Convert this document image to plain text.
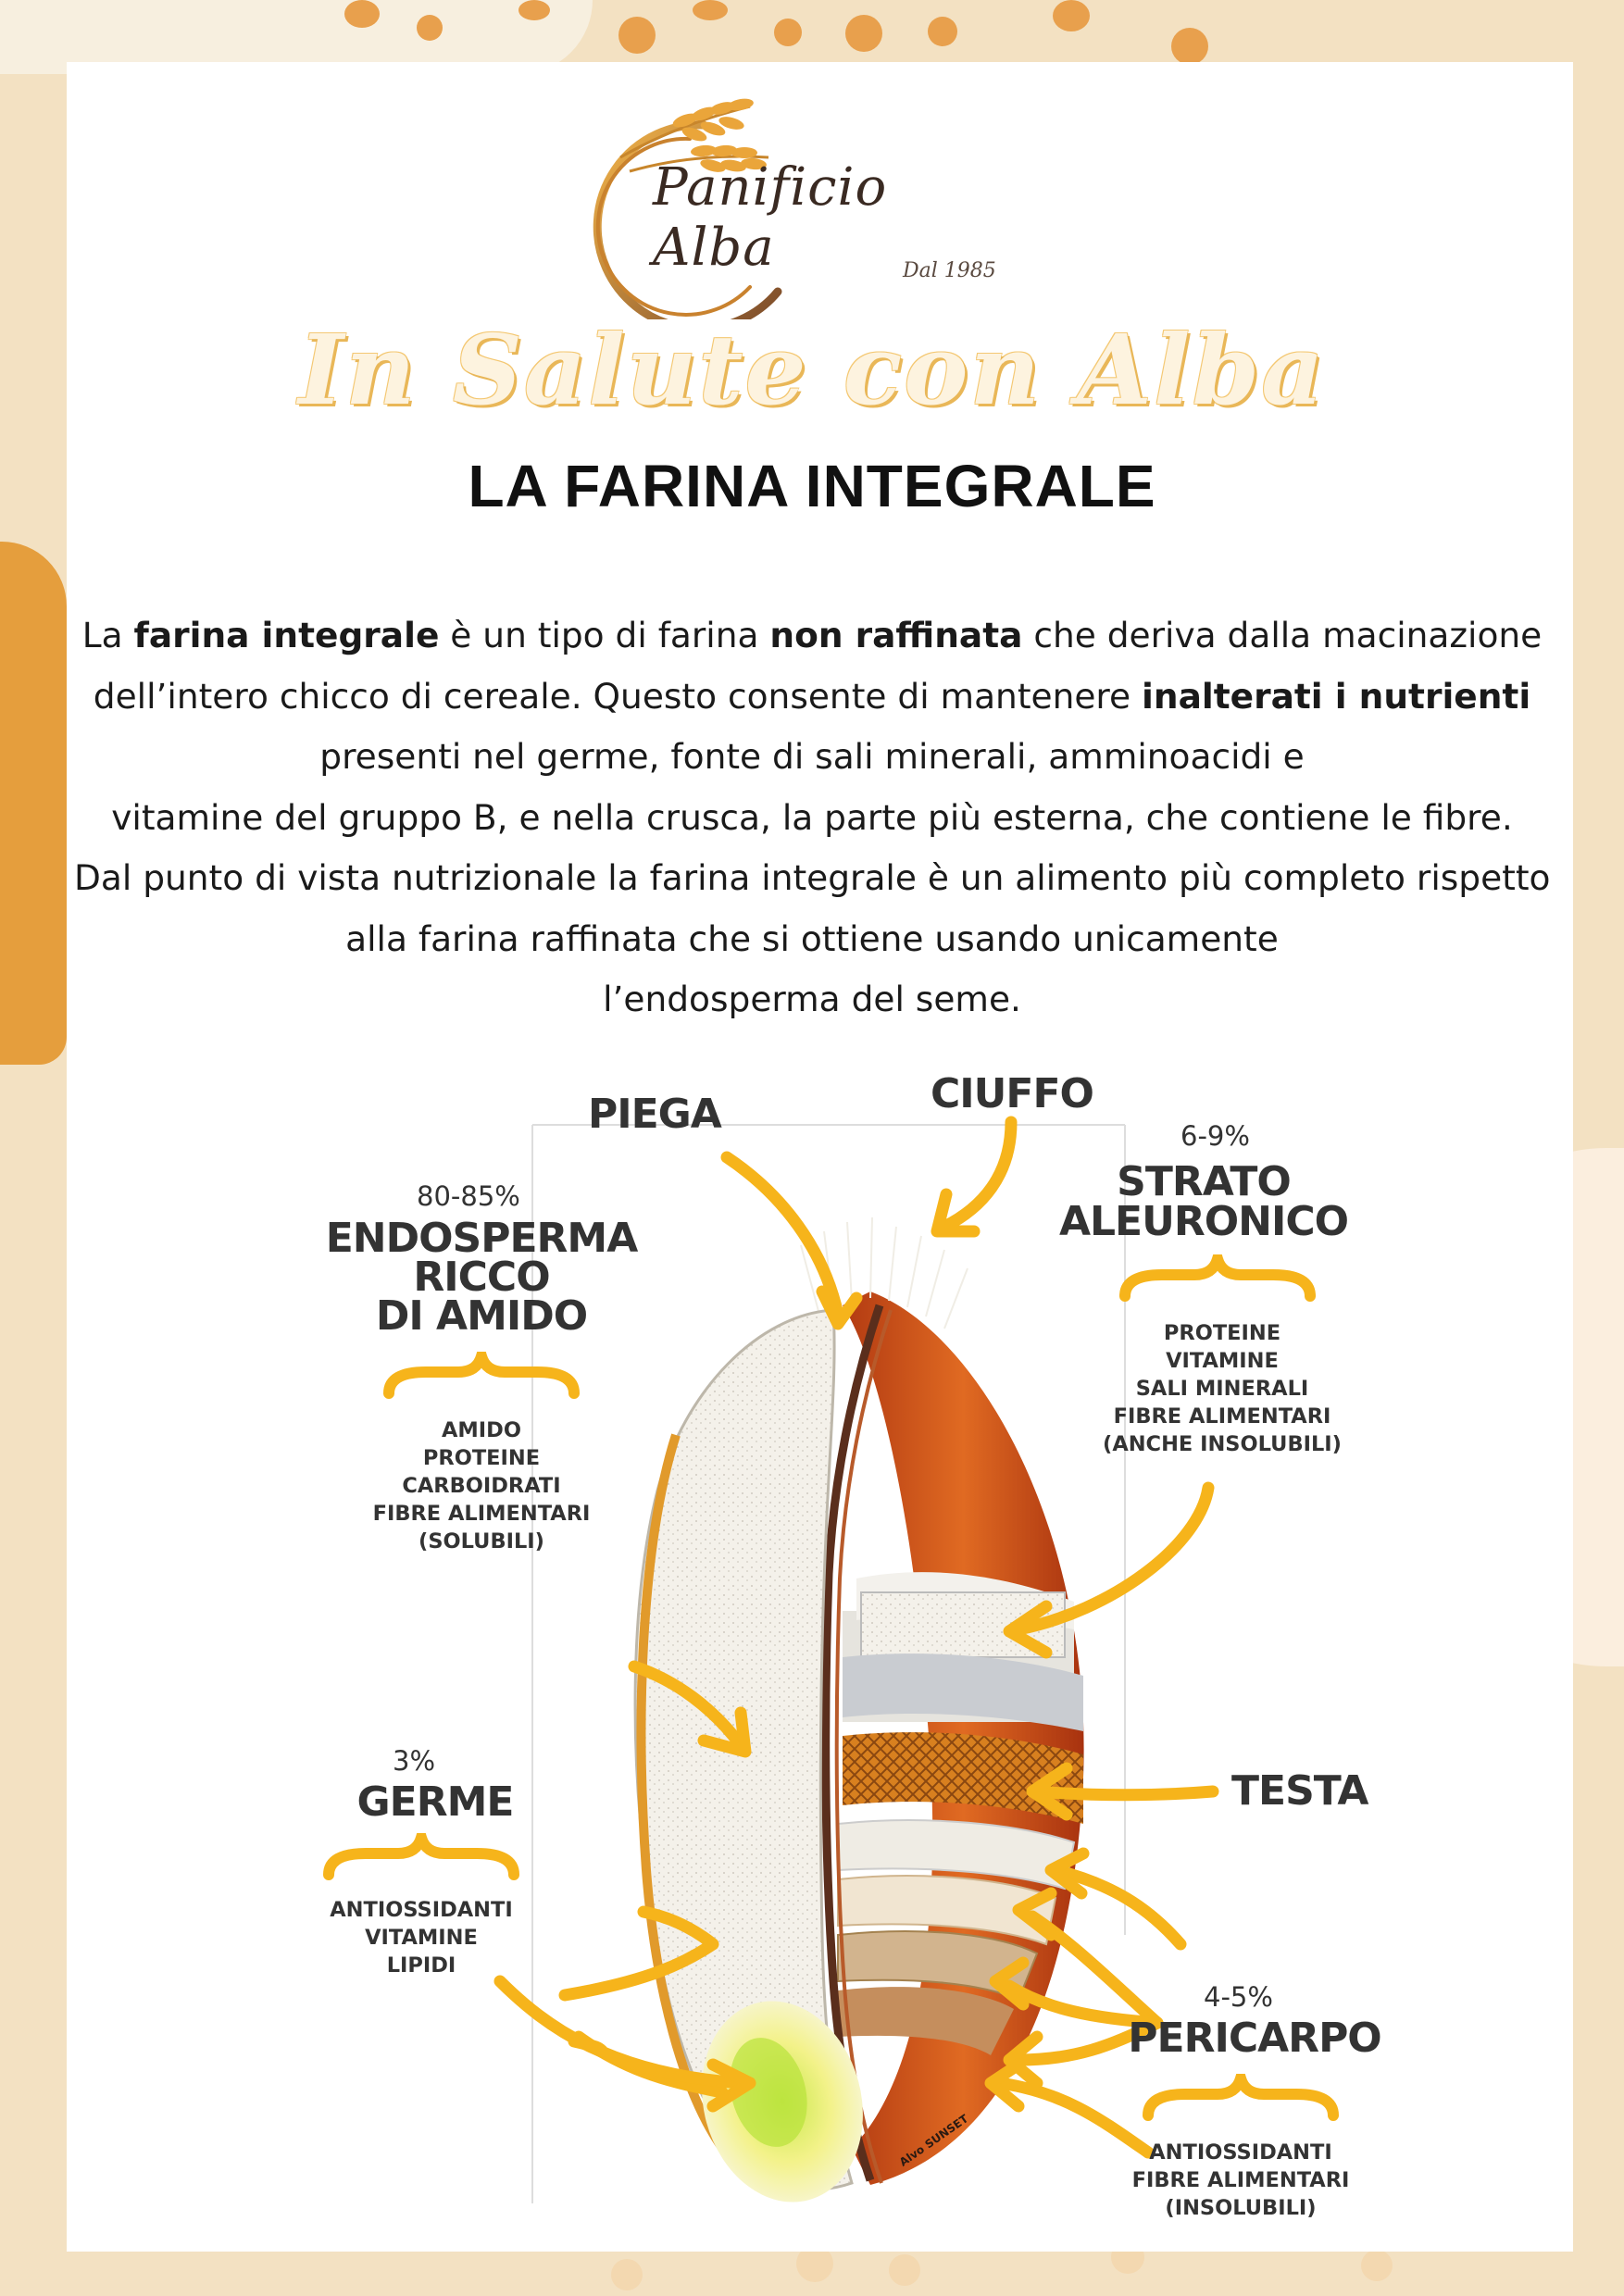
Panificio Alba	Dal 1985
In Salute con Alba
LA FARINA INTEGRALE
La farina integrale è un tipo di farina non raffinata che deriva dalla macinazione
dell’intero chicco di cereale. Questo consente di mantenere inalterati i nutrienti
presenti nel germe, fonte di sali minerali, amminoacidi e
vitamine del gruppo B, e nella crusca, la parte più esterna, che contiene le fibre.
Dal punto di vista nutrizionale la farina integrale è un alimento più completo rispetto
alla farina raffinata che si ottiene usando unicamente
l’endosperma del seme.
PIEGA	CIUFFO
80-85%
ENDOSPERMA
RICCO
DI AMIDO
AMIDO
PROTEINE
CARBOIDRATI
FIBRE ALIMENTARI
(SOLUBILI)
6-9%
STRATO
ALEURONICO
PROTEINE
VITAMINE
SALI MINERALI
FIBRE ALIMENTARI
(ANCHE INSOLUBILI)
3%
GERME
ANTIOSSIDANTI
VITAMINE
LIPIDI
TESTA
4-5%
PERICARPO
ANTIOSSIDANTI
FIBRE ALIMENTARI
(INSOLUBILI)
Alvo SUNSET
